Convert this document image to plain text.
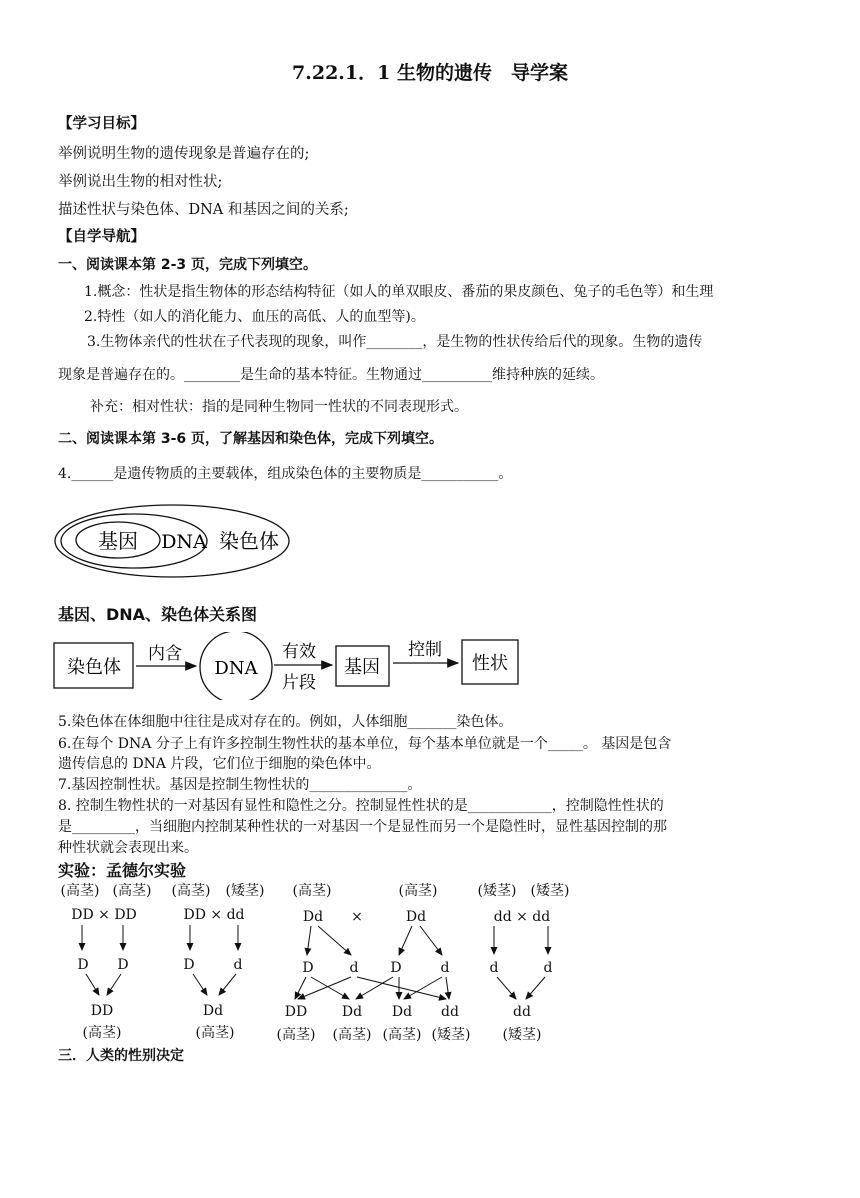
7.22.1．1 生物的遗传　导学案
【学习目标】
举例说明生物的遗传现象是普遍存在的;
举例说出生物的相对性状;
描述性状与染色体、DNA 和基因之间的关系;
【自学导航】
一、阅读课本第 2-3 页，完成下列填空。
1.概念：性状是指生物体的形态结构特征（如人的单双眼皮、番茄的果皮颜色、兔子的毛色等）和生理
2.特性（如人的消化能力、血压的高低、人的血型等)。
3.生物体亲代的性状在子代表现的现象，叫作________，是生物的性状传给后代的现象。生物的遗传
现象是普遍存在的。________是生命的基本特征。生物通过__________维持种族的延续。
补充：相对性状：指的是同种生物同一性状的不同表现形式。
二、阅读课本第 3-6 页，了解基因和染色体，完成下列填空。
4.______是遗传物质的主要载体，组成染色体的主要物质是___________。
基因 DNA 染色体
基因、DNA、染色体关系图
染色体
内含
DNA
有效
片段
基因
控制
性状
5.染色体在体细胞中往往是成对存在的。例如，人体细胞_______染色体。
6.在每个 DNA 分子上有许多控制生物性状的基本单位，每个基本单位就是一个_____。 基因是包含
遗传信息的 DNA 片段，它们位于细胞的染色体中。
7.基因控制性状。基因是控制生物性状的______________。
8. 控制生物性状的一对基因有显性和隐性之分。控制显性性状的是____________，控制隐性性状的
是_________，当细胞内控制某种性状的一对基因一个是显性而另一个是隐性时，显性基因控制的那
种性状就会表现出来。
实验：孟德尔实验
(高茎) (高茎)
DD × DD
D D
DD
(高茎)
(高茎) (矮茎)
DD × dd
D	d
Dd
(高茎)
(高茎)	(高茎)
Dd ×	Dd
D	d D	d
DD Dd Dd dd
(高茎) (高茎) (高茎) (矮茎)
(矮茎) (矮茎)
dd × dd
d	d
dd
(矮茎)
三．人类的性别决定
